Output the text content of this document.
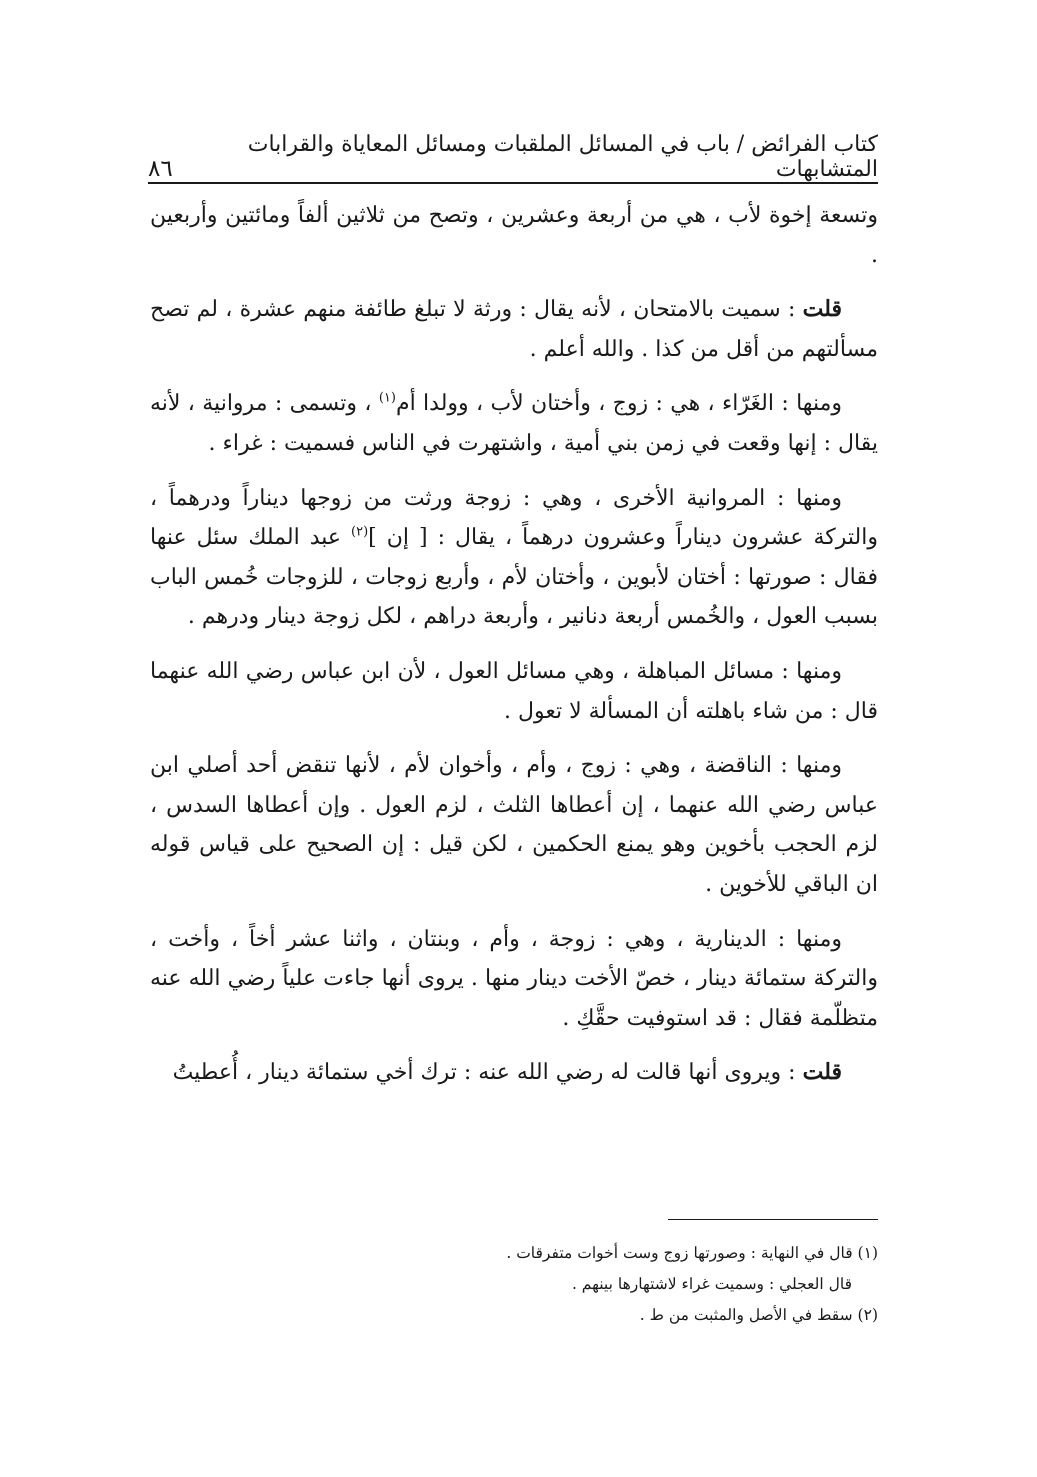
كتاب الفرائض / باب في المسائل الملقبات ومسائل المعاياة والقرابات المتشابهات
٨٦

وتسعة إخوة لأب ، هي من أربعة وعشرين ، وتصح من ثلاثين ألفاً ومائتين وأربعين .

قلت : سميت بالامتحان ، لأنه يقال : ورثة لا تبلغ طائفة منهم عشرة ، لم تصح مسألتهم من أقل من كذا . والله أعلم .

ومنها : الغَرّاء ، هي : زوج ، وأختان لأب ، وولدا أم$^{(١)}$ ، وتسمى : مروانية ، لأنه يقال : إنها وقعت في زمن بني أمية ، واشتهرت في الناس فسميت : غراء .

ومنها : المروانية الأخرى ، وهي : زوجة ورثت من زوجها ديناراً ودرهماً ، والتركة عشرون ديناراً وعشرون درهماً ، يقال : [ إن ]$^{(٢)}$ عبد الملك سئل عنها فقال : صورتها : أختان لأبوين ، وأختان لأم ، وأربع زوجات ، للزوجات خُمس الباب بسبب العول ، والخُمس أربعة دنانير ، وأربعة دراهم ، لكل زوجة دينار ودرهم .

ومنها : مسائل المباهلة ، وهي مسائل العول ، لأن ابن عباس رضي الله عنهما قال : من شاء باهلته أن المسألة لا تعول .

ومنها : الناقضة ، وهي : زوج ، وأم ، وأخوان لأم ، لأنها تنقض أحد أصلي ابن عباس رضي الله عنهما ، إن أعطاها الثلث ، لزم العول . وإن أعطاها السدس ، لزم الحجب بأخوين وهو يمنع الحكمين ، لكن قيل : إن الصحيح على قياس قوله ان الباقي للأخوين .

ومنها : الدينارية ، وهي : زوجة ، وأم ، وبنتان ، واثنا عشر أخاً ، وأخت ، والتركة ستمائة دينار ، خصّ الأخت دينار منها . يروى أنها جاءت علياً رضي الله عنه متظلّمة فقال : قد استوفيت حقَّكِ .

قلت : ويروى أنها قالت له رضي الله عنه : ترك أخي ستمائة دينار ، أُعطيتُ

(١) قال في النهاية : وصورتها زوج وست أخوات متفرقات .

قال العجلي : وسميت غراء لاشتهارها بينهم .

(٢) سقط في الأصل والمثبت من ط .
